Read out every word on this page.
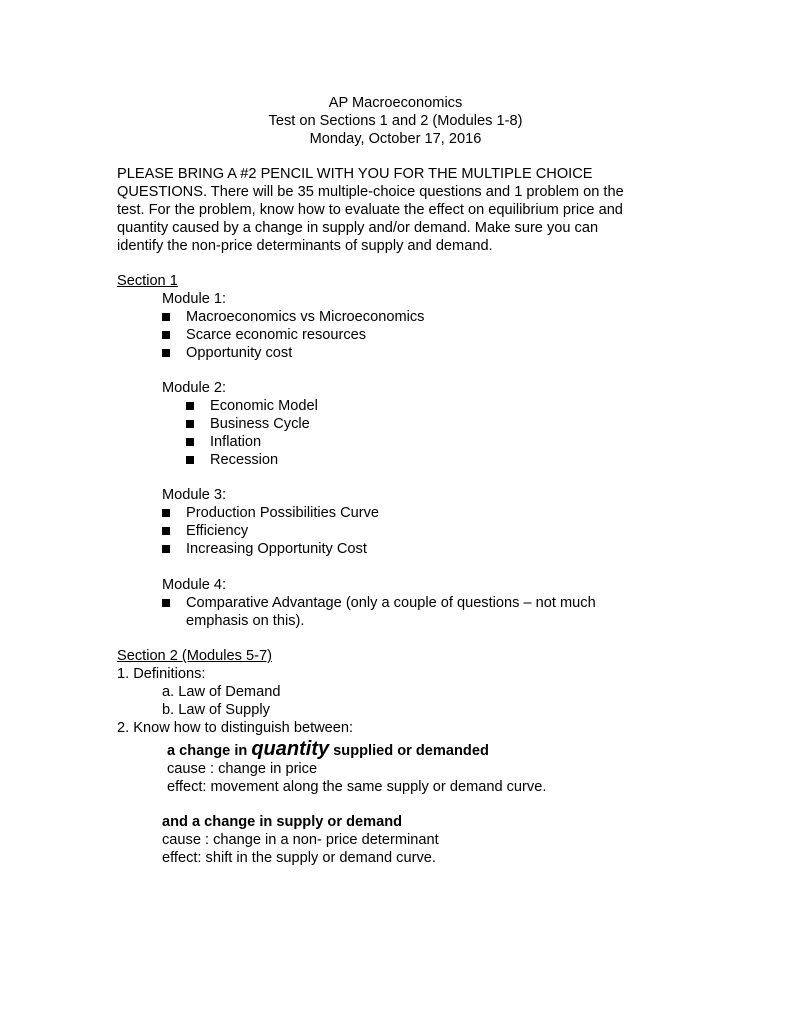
AP Macroeconomics
Test on Sections 1 and 2 (Modules 1-8)
Monday, October 17, 2016
PLEASE BRING A #2 PENCIL WITH YOU FOR THE MULTIPLE CHOICE
QUESTIONS. There will be 35 multiple-choice questions and 1 problem on the
test. For the problem, know how to evaluate the effect on equilibrium price and
quantity caused by a change in supply and/or demand. Make sure you can
identify the non-price determinants of supply and demand.
Section 1
Module 1:
Macroeconomics vs Microeconomics
Scarce economic resources
Opportunity cost
Module 2:
Economic Model
Business Cycle
Inflation
Recession
Module 3:
Production Possibilities Curve
Efficiency
Increasing Opportunity Cost
Module 4:
Comparative Advantage (only a couple of questions – not much emphasis on this).
Section 2 (Modules 5-7)
1. Definitions:
a. Law of Demand
b. Law of Supply
2. Know how to distinguish between:
a change in quantity supplied or demanded
cause : change in price
effect: movement along the same supply or demand curve.
and a change in supply or demand
cause : change in a non- price determinant
effect: shift in the supply or demand curve.
